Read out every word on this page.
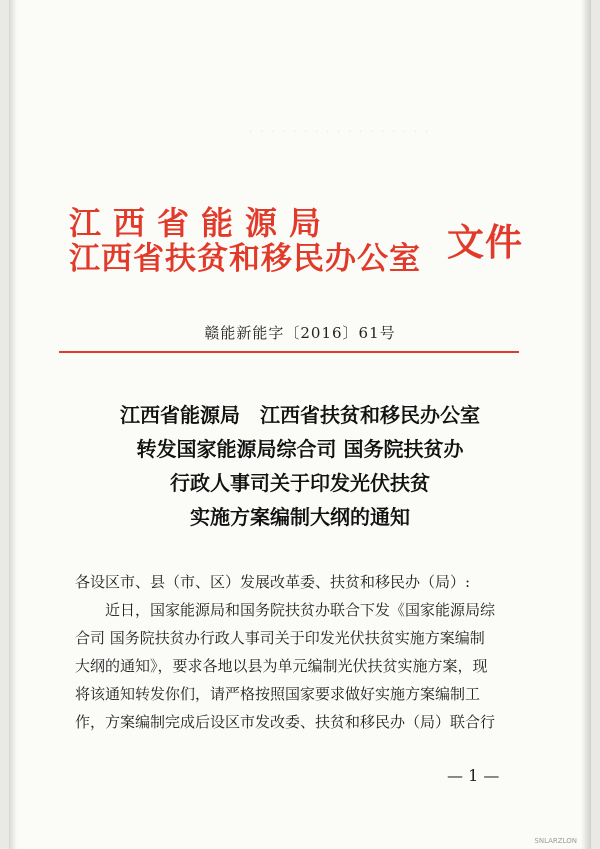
· · · · · · · · · · · · · · · · ·
江西省能源局
江西省扶贫和移民办公室 文件
赣能新能字〔2016〕61号
江西省能源局　江西省扶贫和移民办公室
转发国家能源局综合司 国务院扶贫办
行政人事司关于印发光伏扶贫
实施方案编制大纲的通知

各设区市、县（市、区）发展改革委、扶贫和移民办（局）:

近日，国家能源局和国务院扶贫办联合下发《国家能源局综

合司 国务院扶贫办行政人事司关于印发光伏扶贫实施方案编制

大纲的通知》，要求各地以县为单元编制光伏扶贫实施方案，现

将该通知转发你们，请严格按照国家要求做好实施方案编制工

作，方案编制完成后设区市发改委、扶贫和移民办（局）联合行

— 1 —
SNLARZLON
